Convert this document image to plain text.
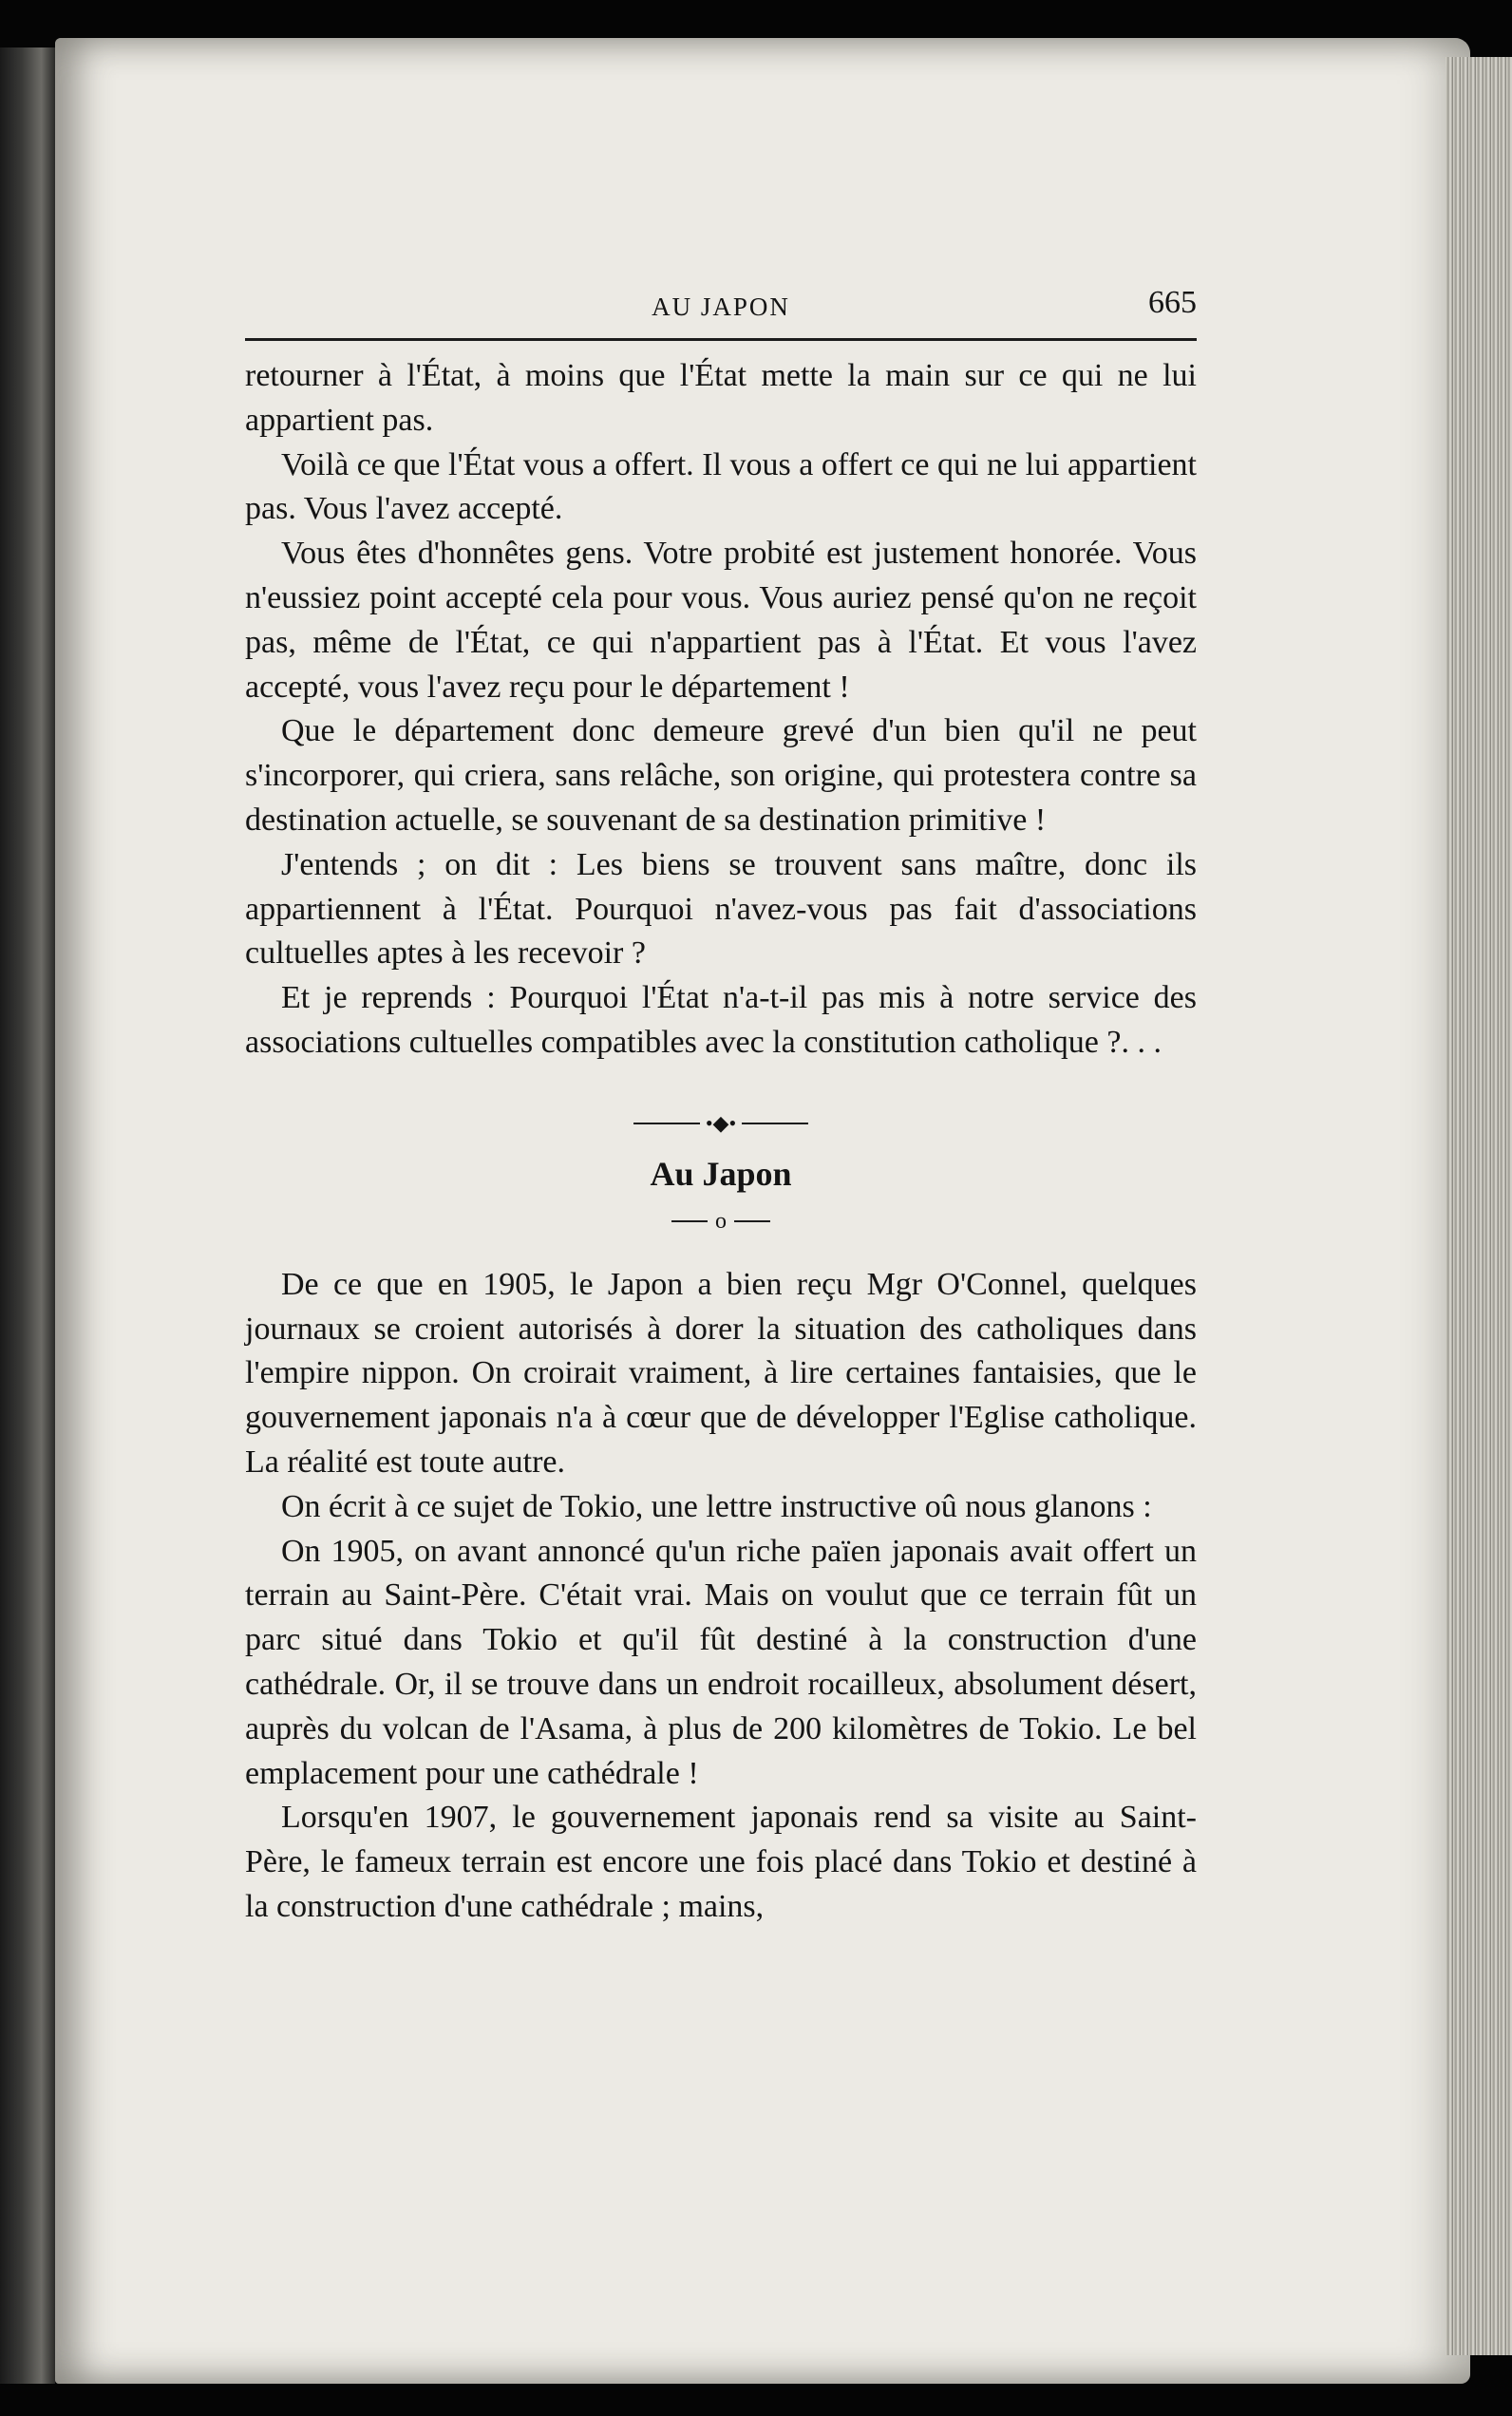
AU JAPON	665

retourner à l'État, à moins que l'État mette la main sur ce qui ne lui appartient pas.

Voilà ce que l'État vous a offert. Il vous a offert ce qui ne lui appartient pas. Vous l'avez accepté.

Vous êtes d'honnêtes gens. Votre probité est justement honorée. Vous n'eussiez point accepté cela pour vous. Vous auriez pensé qu'on ne reçoit pas, même de l'État, ce qui n'appartient pas à l'État. Et vous l'avez accepté, vous l'avez reçu pour le département !

Que le département donc demeure grevé d'un bien qu'il ne peut s'incorporer, qui criera, sans relâche, son origine, qui protestera contre sa destination actuelle, se souvenant de sa destination primitive !

J'entends ; on dit : Les biens se trouvent sans maître, donc ils appartiennent à l'État. Pourquoi n'avez-vous pas fait d'associations cultuelles aptes à les recevoir ?

Et je reprends : Pourquoi l'État n'a-t-il pas mis à notre service des associations cultuelles compatibles avec la constitution catholique ?. . .

•◆•
Au Japon
o

De ce que en 1905, le Japon a bien reçu Mgr O'Connel, quelques journaux se croient autorisés à dorer la situation des catholiques dans l'empire nippon. On croirait vraiment, à lire certaines fantaisies, que le gouvernement japonais n'a à cœur que de développer l'Eglise catholique. La réalité est toute autre.

On écrit à ce sujet de Tokio, une lettre instructive oû nous glanons :

On 1905, on avant annoncé qu'un riche païen japonais avait offert un terrain au Saint-Père. C'était vrai. Mais on voulut que ce terrain fût un parc situé dans Tokio et qu'il fût destiné à la construction d'une cathédrale. Or, il se trouve dans un endroit rocailleux, absolument désert, auprès du volcan de l'Asama, à plus de 200 kilomètres de Tokio. Le bel emplacement pour une cathédrale !

Lorsqu'en 1907, le gouvernement japonais rend sa visite au Saint-Père, le fameux terrain est encore une fois placé dans Tokio et destiné à la construction d'une cathédrale ; mains,
